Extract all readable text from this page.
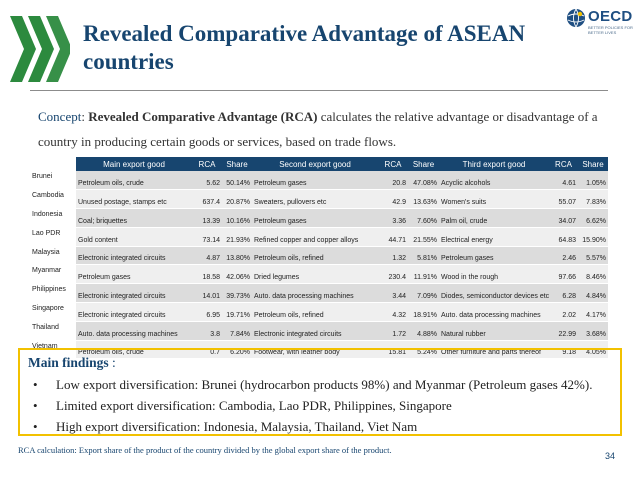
Revealed Comparative Advantage of ASEAN countries
OECD
BETTER POLICIES FOR BETTER LIVES

Concept: Revealed Comparative Advantage (RCA) calculates the relative advantage or disadvantage of a country in producing certain goods or services, based on trade flows.

	Main export good	RCA	Share	Second export good	RCA	Share	Third export good	RCA	Share
Brunei	Petroleum oils, crude	5.62	50.14%	Petroleum gases	20.8	47.08%	Acyclic alcohols	4.61	1.05%
Cambodia	Unused postage, stamps etc	637.4	20.87%	Sweaters, pullovers etc	42.9	13.63%	Women's suits	55.07	7.83%
Indonesia	Coal; briquettes	13.39	10.16%	Petroleum gases	3.36	7.60%	Palm oil, crude	34.07	6.62%
Lao PDR	Gold content	73.14	21.93%	Refined copper and copper alloys	44.71	21.55%	Electrical energy	64.83	15.90%
Malaysia	Electronic integrated circuits	4.87	13.80%	Petroleum oils, refined	1.32	5.81%	Petroleum gases	2.46	5.57%
Myanmar	Petroleum gases	18.58	42.06%	Dried legumes	230.4	11.91%	Wood in the rough	97.66	8.46%
Philippines	Electronic integrated circuits	14.01	39.73%	Auto. data processing machines	3.44	7.09%	Diodes, semiconductor devices etc	6.28	4.84%
Singapore	Electronic integrated circuits	6.95	19.71%	Petroleum oils, refined	4.32	18.91%	Auto. data processing machines	2.02	4.17%
Thailand	Auto. data processing machines	3.8	7.84%	Electronic integrated circuits	1.72	4.88%	Natural rubber	22.99	3.68%
Vietnam	Petroleum oils, crude	0.7	6.20%	Footwear, with leather body	15.81	5.24%	Other furniture and parts thereof	9.18	4.05%
Main findings :
• Low export diversification: Brunei (hydrocarbon products 98%) and Myanmar (Petroleum gases 42%).
• Limited export diversification: Cambodia, Lao PDR, Philippines, Singapore
• High export diversification: Indonesia, Malaysia, Thailand, Viet Nam
RCA calculation: Export share of the product of the country divided by the global export share of the product.
34
